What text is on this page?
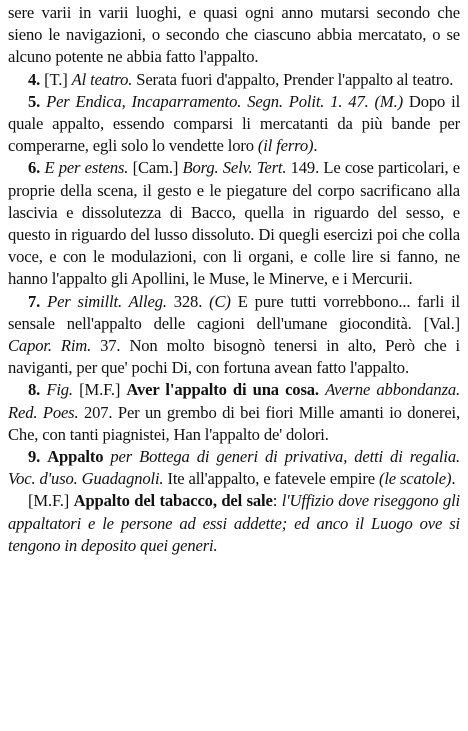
sere varii in varii luoghi, e quasi ogni anno mutarsi secondo che sieno le navigazioni, o secondo che ciascuno abbia mercatato, o se alcuno potente ne abbia fatto l'appalto.

4. [T.] Al teatro. Serata fuori d'appalto, Prender l'appalto al teatro.

5. Per Endica, Incaparramento. Segn. Polit. 1. 47. (M.) Dopo il quale appalto, essendo comparsi li mercatanti da più bande per comperarne, egli solo lo vendette loro (il ferro).

6. E per estens. [Cam.] Borg. Selv. Tert. 149. Le cose particolari, e proprie della scena, il gesto e le piegature del corpo sacrificano alla lascivia e dissolutezza di Bacco, quella in riguardo del sesso, e questo in riguardo del lusso dissoluto. Di quegli esercizi poi che colla voce, e con le modulazioni, con li organi, e colle lire si fanno, ne hanno l'appalto gli Apollini, le Muse, le Minerve, e i Mercurii.

7. Per simillt. Alleg. 328. (C) E pure tutti vorrebbono... farli il sensale nell'appalto delle cagioni dell'umane giocondità. [Val.] Capor. Rim. 37. Non molto bisognò tenersi in alto, Però che i naviganti, per que' pochi Di, con fortuna avean fatto l'appalto.

8. Fig. [M.F.] Aver l'appalto di una cosa. Averne abbondanza. Red. Poes. 207. Per un grembo di bei fiori Mille amanti io donerei, Che, con tanti piagnistei, Han l'appalto de' dolori.

9. Appalto per Bottega di generi di privativa, detti di regalia. Voc. d'uso. Guadagnoli. Ite all'appalto, e fatevele empire (le scatole).

[M.F.] Appalto del tabacco, del sale: l'Uffizio dove riseggono gli appaltatori e le persone ad essi addette; ed anco il Luogo ove si tengono in deposito quei generi.
